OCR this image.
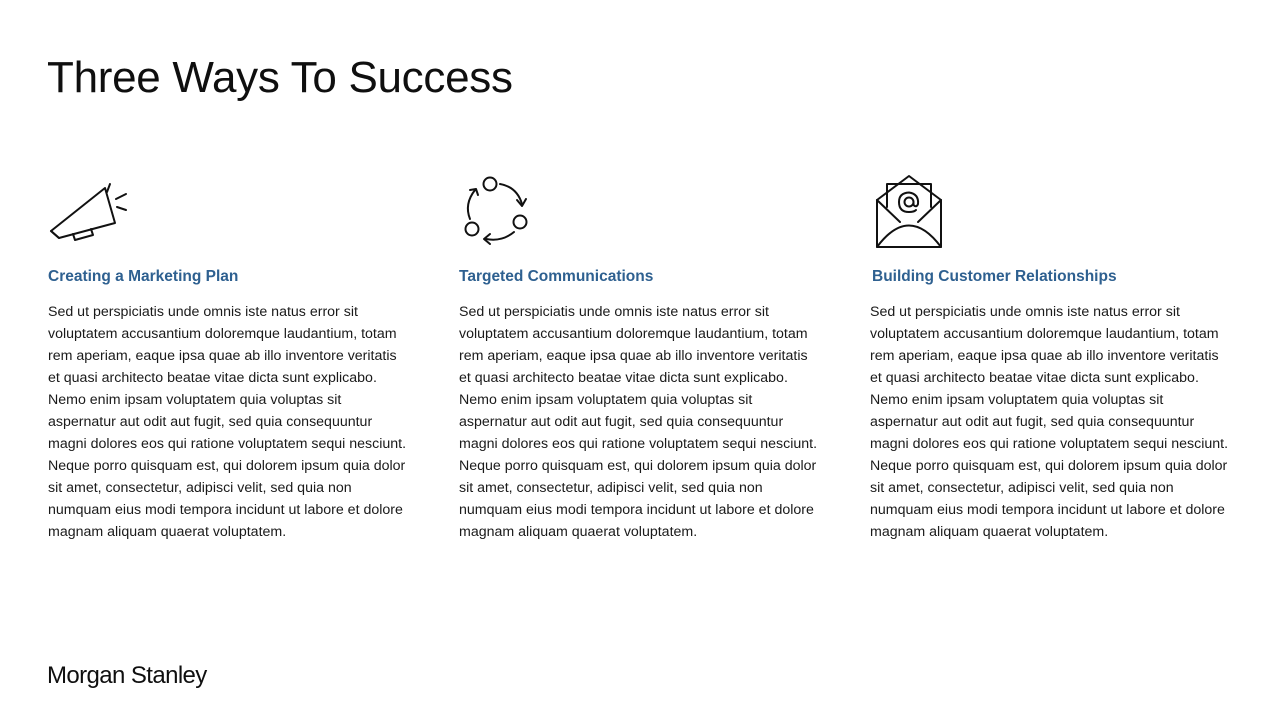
Three Ways To Success
Creating a Marketing Plan

Sed ut perspiciatis unde omnis iste natus error sit voluptatem accusantium doloremque laudantium, totam rem aperiam, eaque ipsa quae ab illo inventore veritatis et quasi architecto beatae vitae dicta sunt explicabo. Nemo enim ipsam voluptatem quia voluptas sit aspernatur aut odit aut fugit, sed quia consequuntur magni dolores eos qui ratione voluptatem sequi nesciunt. Neque porro quisquam est, qui dolorem ipsum quia dolor sit amet, consectetur, adipisci velit, sed quia non numquam eius modi tempora incidunt ut labore et dolore magnam aliquam quaerat voluptatem.

Targeted Communications

Sed ut perspiciatis unde omnis iste natus error sit voluptatem accusantium doloremque laudantium, totam rem aperiam, eaque ipsa quae ab illo inventore veritatis et quasi architecto beatae vitae dicta sunt explicabo. Nemo enim ipsam voluptatem quia voluptas sit aspernatur aut odit aut fugit, sed quia consequuntur magni dolores eos qui ratione voluptatem sequi nesciunt. Neque porro quisquam est, qui dolorem ipsum quia dolor sit amet, consectetur, adipisci velit, sed quia non numquam eius modi tempora incidunt ut labore et dolore magnam aliquam quaerat voluptatem.

Building Customer Relationships

Sed ut perspiciatis unde omnis iste natus error sit voluptatem accusantium doloremque laudantium, totam rem aperiam, eaque ipsa quae ab illo inventore veritatis et quasi architecto beatae vitae dicta sunt explicabo. Nemo enim ipsam voluptatem quia voluptas sit aspernatur aut odit aut fugit, sed quia consequuntur magni dolores eos qui ratione voluptatem sequi nesciunt. Neque porro quisquam est, qui dolorem ipsum quia dolor sit amet, consectetur, adipisci velit, sed quia non numquam eius modi tempora incidunt ut labore et dolore magnam aliquam quaerat voluptatem.

Morgan Stanley
